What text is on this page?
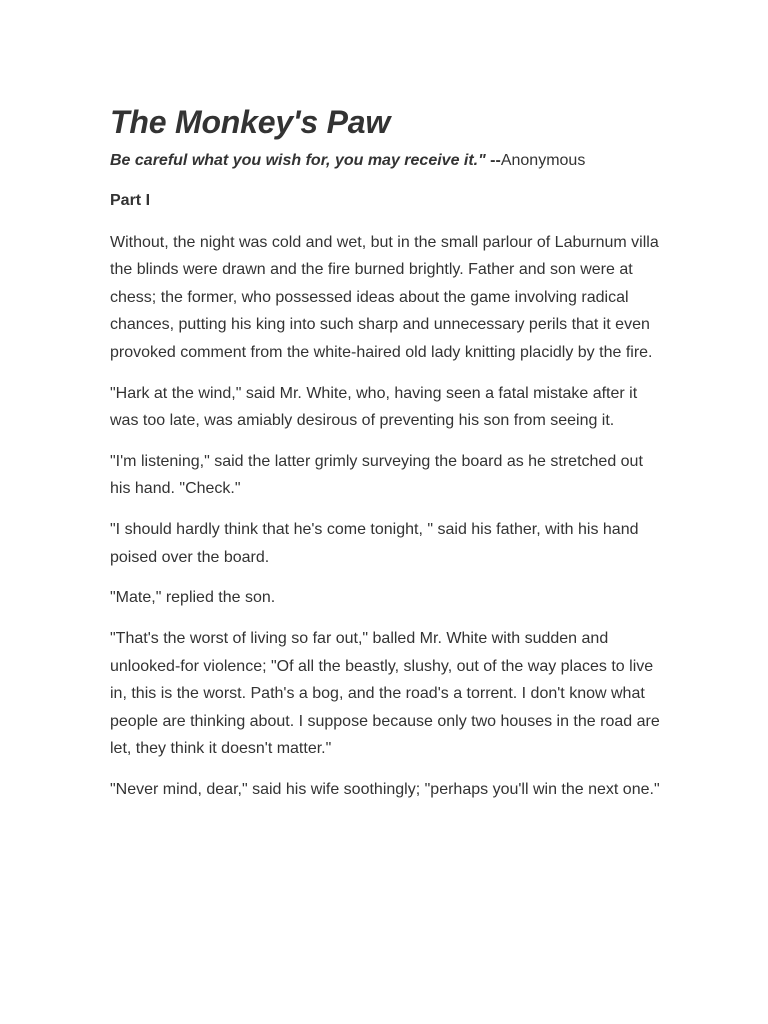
The Monkey's Paw

Be careful what you wish for, you may receive it." --Anonymous

Part I

Without, the night was cold and wet, but in the small parlour of Laburnum villa the blinds were drawn and the fire burned brightly. Father and son were at chess; the former, who possessed ideas about the game involving radical chances, putting his king into such sharp and unnecessary perils that it even provoked comment from the white-haired old lady knitting placidly by the fire.

"Hark at the wind," said Mr. White, who, having seen a fatal mistake after it was too late, was amiably desirous of preventing his son from seeing it.

"I'm listening," said the latter grimly surveying the board as he stretched out his hand. "Check."

"I should hardly think that he's come tonight, " said his father, with his hand poised over the board.

"Mate," replied the son.

"That's the worst of living so far out," balled Mr. White with sudden and unlooked-for violence; "Of all the beastly, slushy, out of the way places to live in, this is the worst. Path's a bog, and the road's a torrent. I don't know what people are thinking about. I suppose because only two houses in the road are let, they think it doesn't matter."

"Never mind, dear," said his wife soothingly; "perhaps you'll win the next one."
